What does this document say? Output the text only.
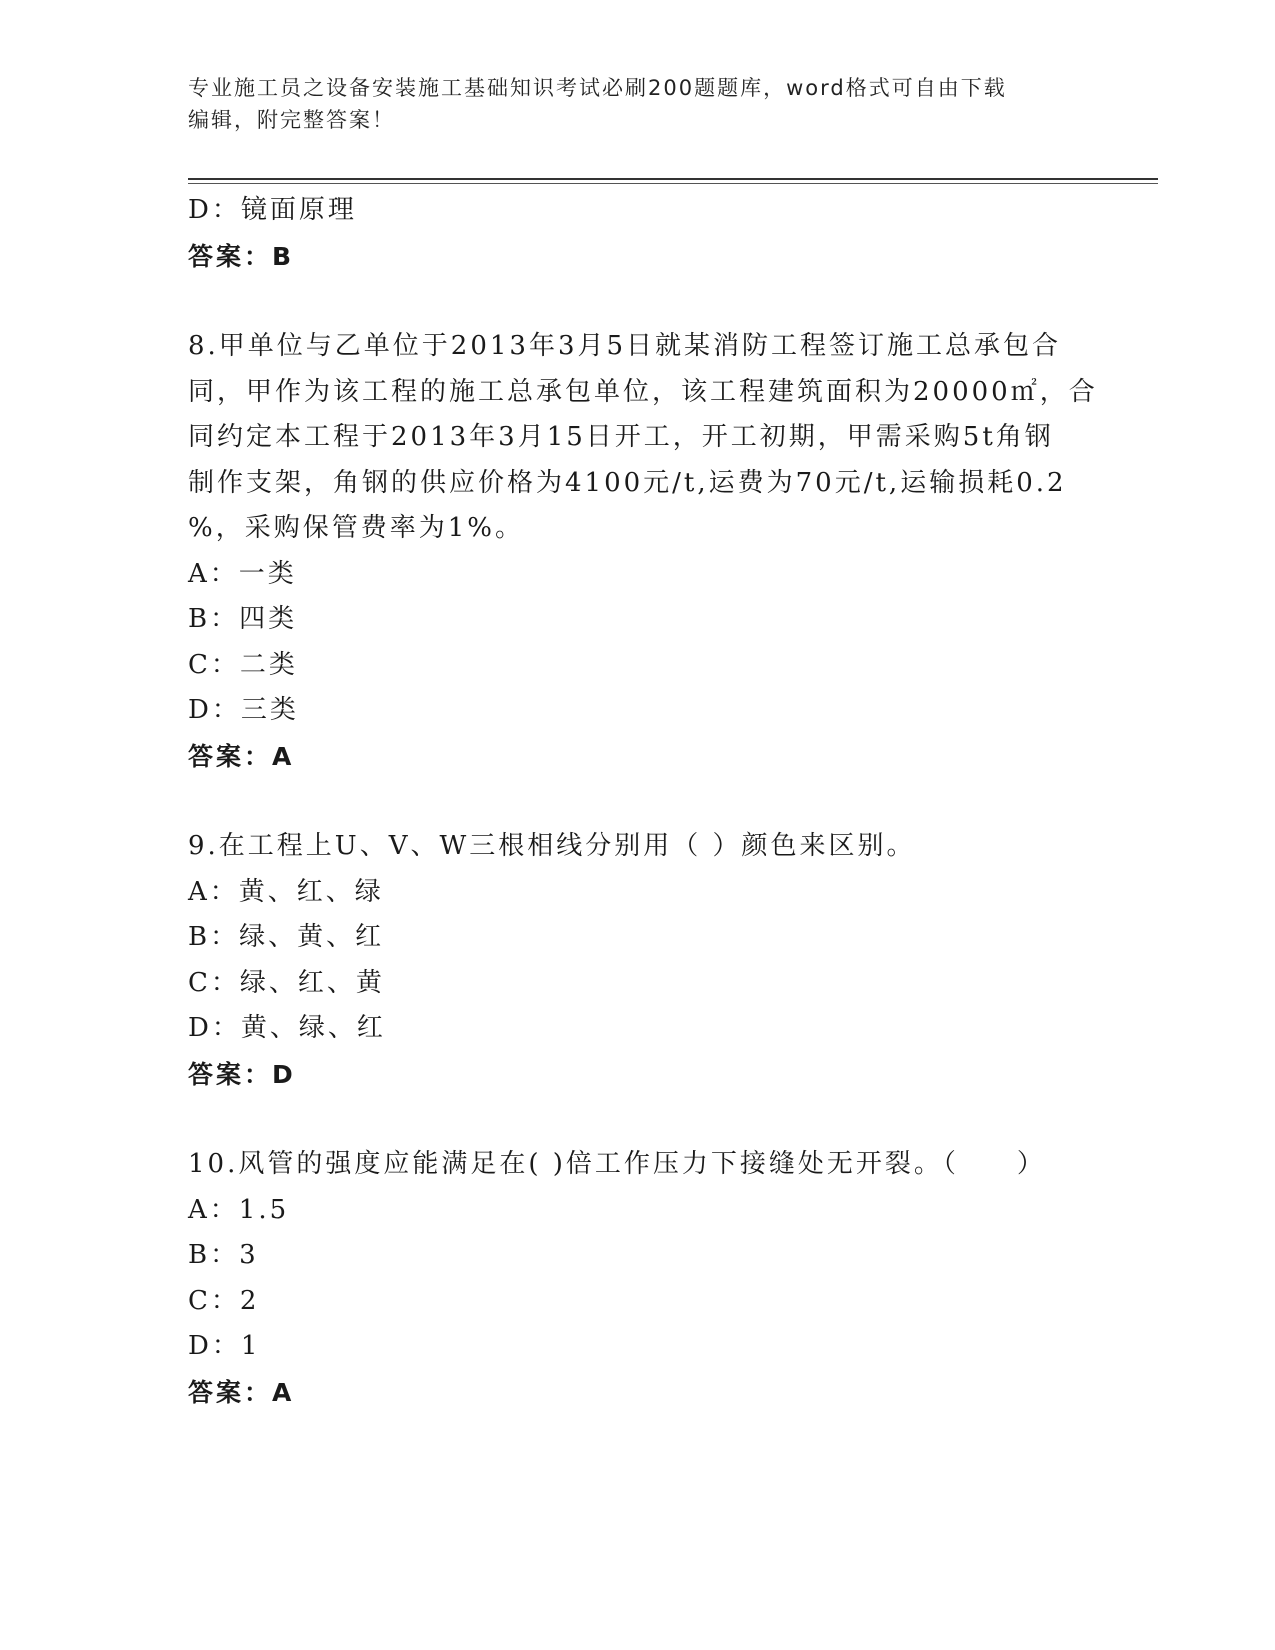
专业施工员之设备安装施工基础知识考试必刷200题题库，word格式可自由下载
编辑，附完整答案！

D：镜面原理

答案：B

8.甲单位与乙单位于2013年3月5日就某消防工程签订施工总承包合

同，甲作为该工程的施工总承包单位，该工程建筑面积为20000㎡，合

同约定本工程于2013年3月15日开工，开工初期，甲需采购5t角钢

制作支架，角钢的供应价格为4100元/t,运费为70元/t,运输损耗0.2

%，采购保管费率为1%。

A：一类

B：四类

C：二类

D：三类

答案：A

9.在工程上U、V、W三根相线分别用（ ）颜色来区别。

A：黄、红、绿

B：绿、黄、红

C：绿、红、黄

D：黄、绿、红

答案：D

10.风管的强度应能满足在( )倍工作压力下接缝处无开裂。（　　）

A：1.5

B：3

C：2

D：1

答案：A
